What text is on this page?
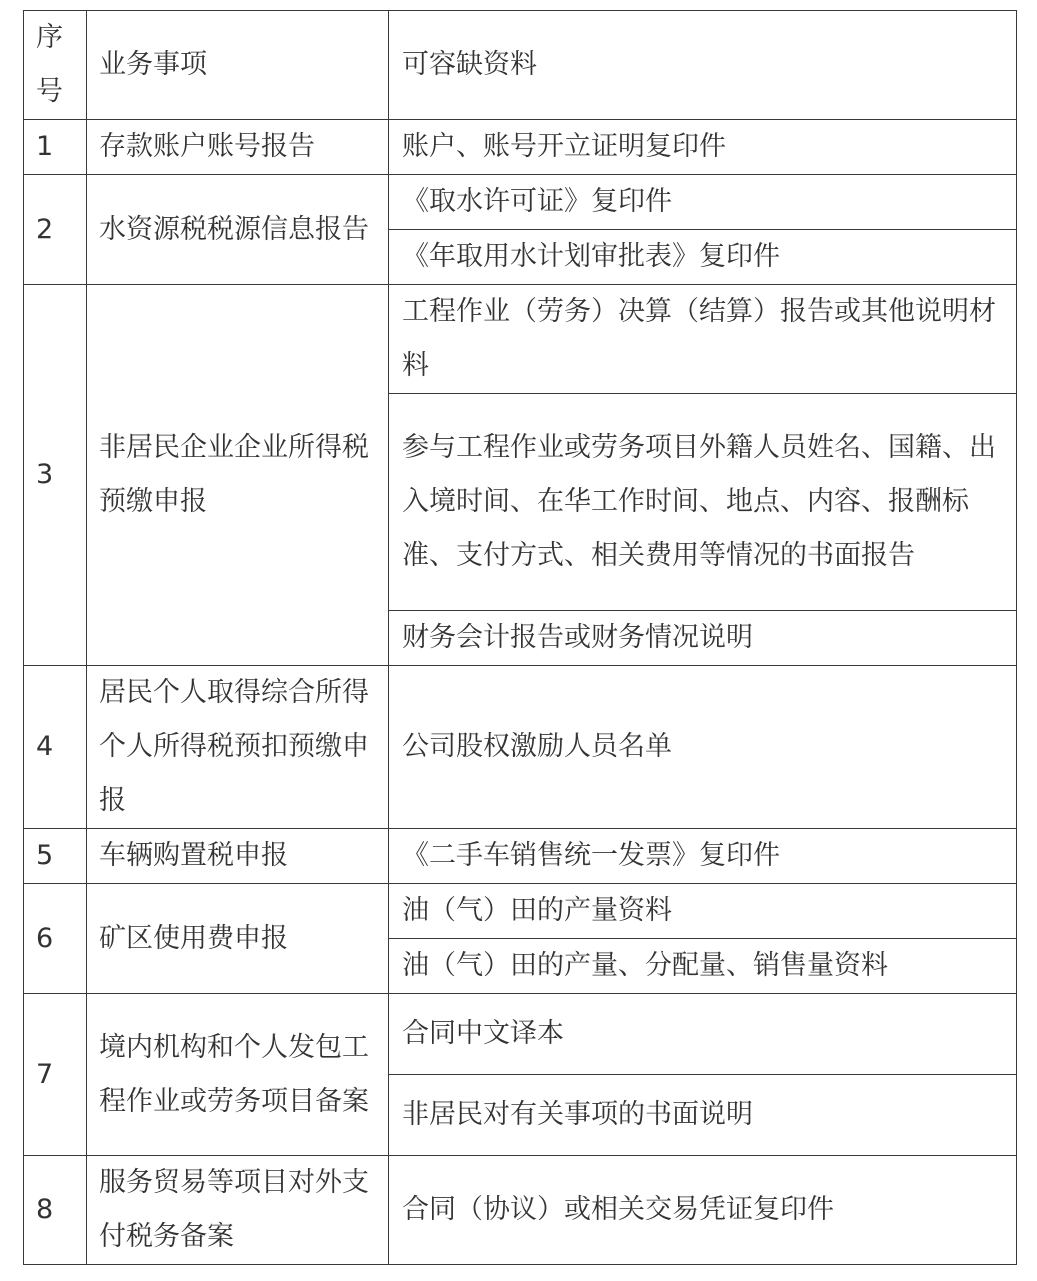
序号	业务事项	可容缺资料
1	存款账户账号报告	账户、账号开立证明复印件
2	水资源税税源信息报告	《取水许可证》复印件
		《年取用水计划审批表》复印件
3	非居民企业企业所得税预缴申报	工程作业（劳务）决算（结算）报告或其他说明材料
		参与工程作业或劳务项目外籍人员姓名、国籍、出入境时间、在华工作时间、地点、内容、报酬标准、支付方式、相关费用等情况的书面报告
		财务会计报告或财务情况说明
4	居民个人取得综合所得个人所得税预扣预缴申报	公司股权激励人员名单
5	车辆购置税申报	《二手车销售统一发票》复印件
6	矿区使用费申报	油（气）田的产量资料
		油（气）田的产量、分配量、销售量资料
7	境内机构和个人发包工程作业或劳务项目备案	合同中文译本
		非居民对有关事项的书面说明
8	服务贸易等项目对外支付税务备案	合同（协议）或相关交易凭证复印件
